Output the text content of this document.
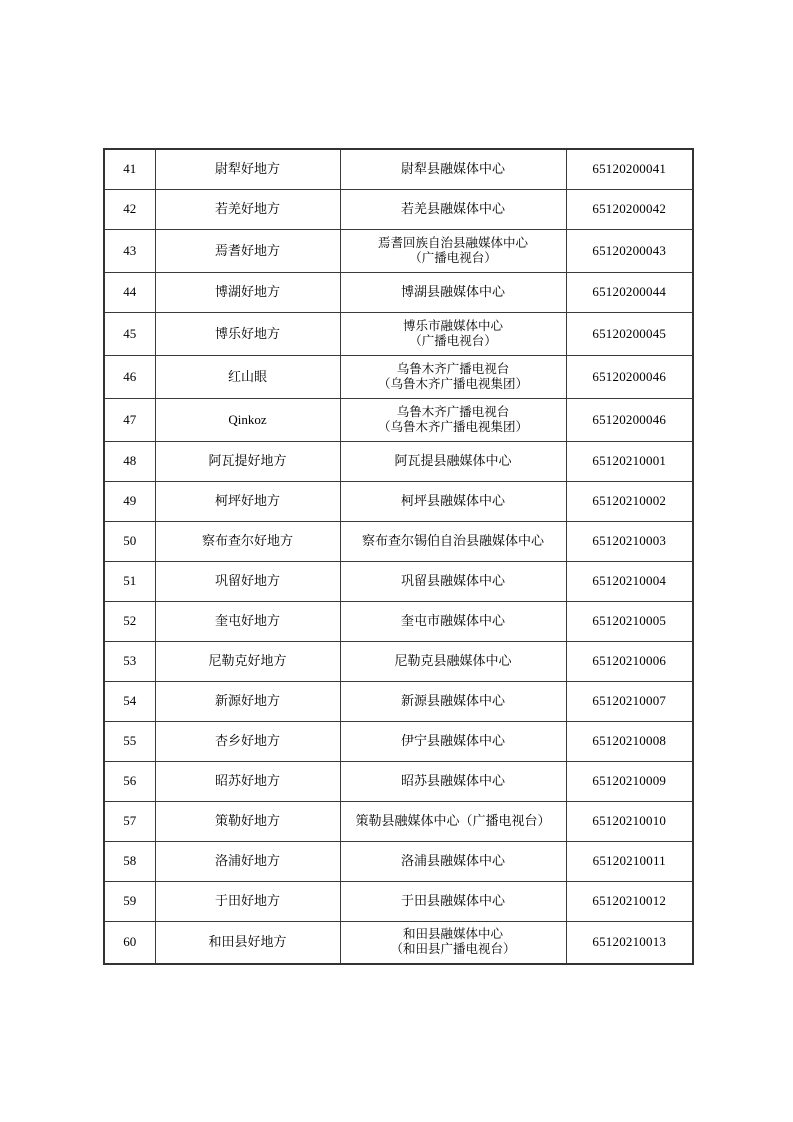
41	尉犁好地方	尉犁县融媒体中心	65120200041
42	若羌好地方	若羌县融媒体中心	65120200042
43	焉耆好地方	焉耆回族自治县融媒体中心
（广播电视台）	65120200043
44	博湖好地方	博湖县融媒体中心	65120200044
45	博乐好地方	博乐市融媒体中心
（广播电视台）	65120200045
46	红山眼	乌鲁木齐广播电视台
（乌鲁木齐广播电视集团）	65120200046
47	Qinkoz	乌鲁木齐广播电视台
（乌鲁木齐广播电视集团）	65120200046
48	阿瓦提好地方	阿瓦提县融媒体中心	65120210001
49	柯坪好地方	柯坪县融媒体中心	65120210002
50	察布查尔好地方	察布查尔锡伯自治县融媒体中心	65120210003
51	巩留好地方	巩留县融媒体中心	65120210004
52	奎屯好地方	奎屯市融媒体中心	65120210005
53	尼勒克好地方	尼勒克县融媒体中心	65120210006
54	新源好地方	新源县融媒体中心	65120210007
55	杏乡好地方	伊宁县融媒体中心	65120210008
56	昭苏好地方	昭苏县融媒体中心	65120210009
57	策勒好地方	策勒县融媒体中心（广播电视台）	65120210010
58	洛浦好地方	洛浦县融媒体中心	65120210011
59	于田好地方	于田县融媒体中心	65120210012
60	和田县好地方	和田县融媒体中心
（和田县广播电视台）	65120210013
